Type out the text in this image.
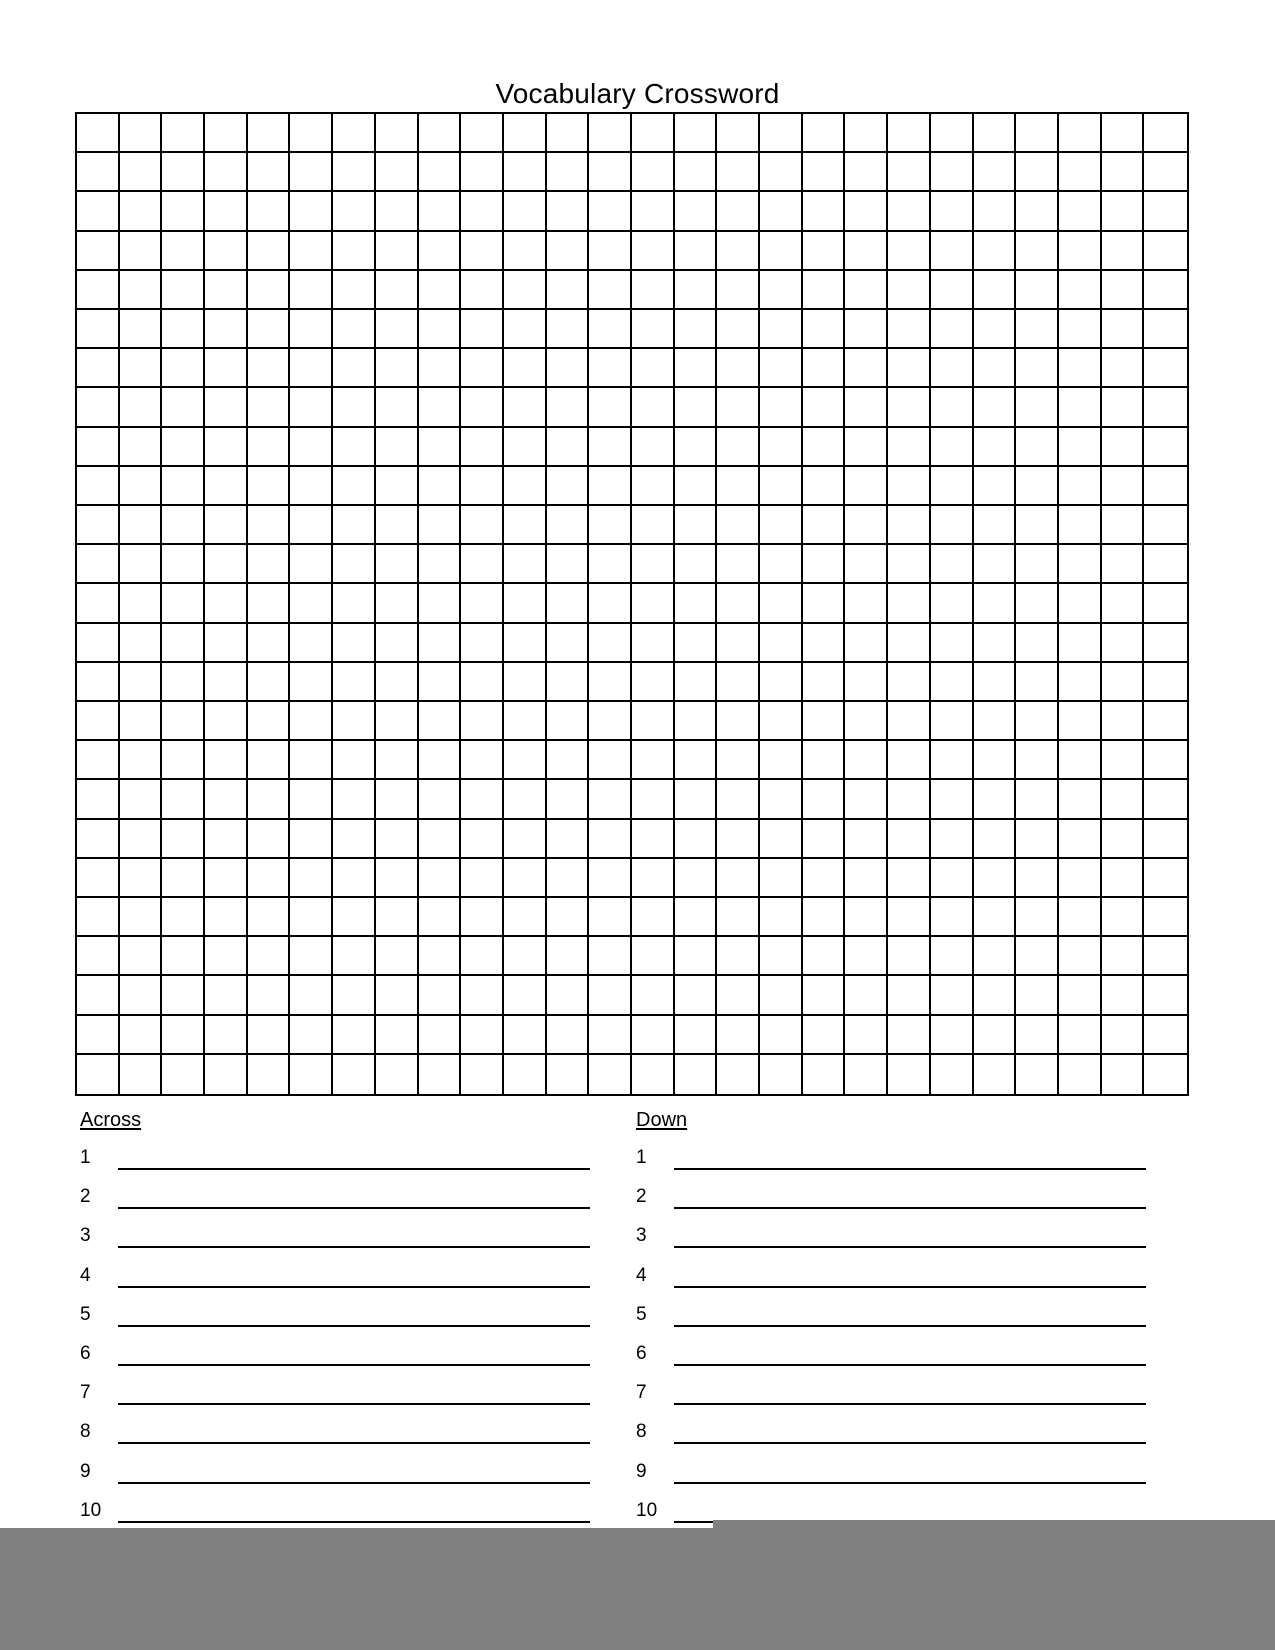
Vocabulary Crossword
Across
1
2
3
4
5
6
7
8
9
10
Down
1
2
3
4
5
6
7
8
9
10
